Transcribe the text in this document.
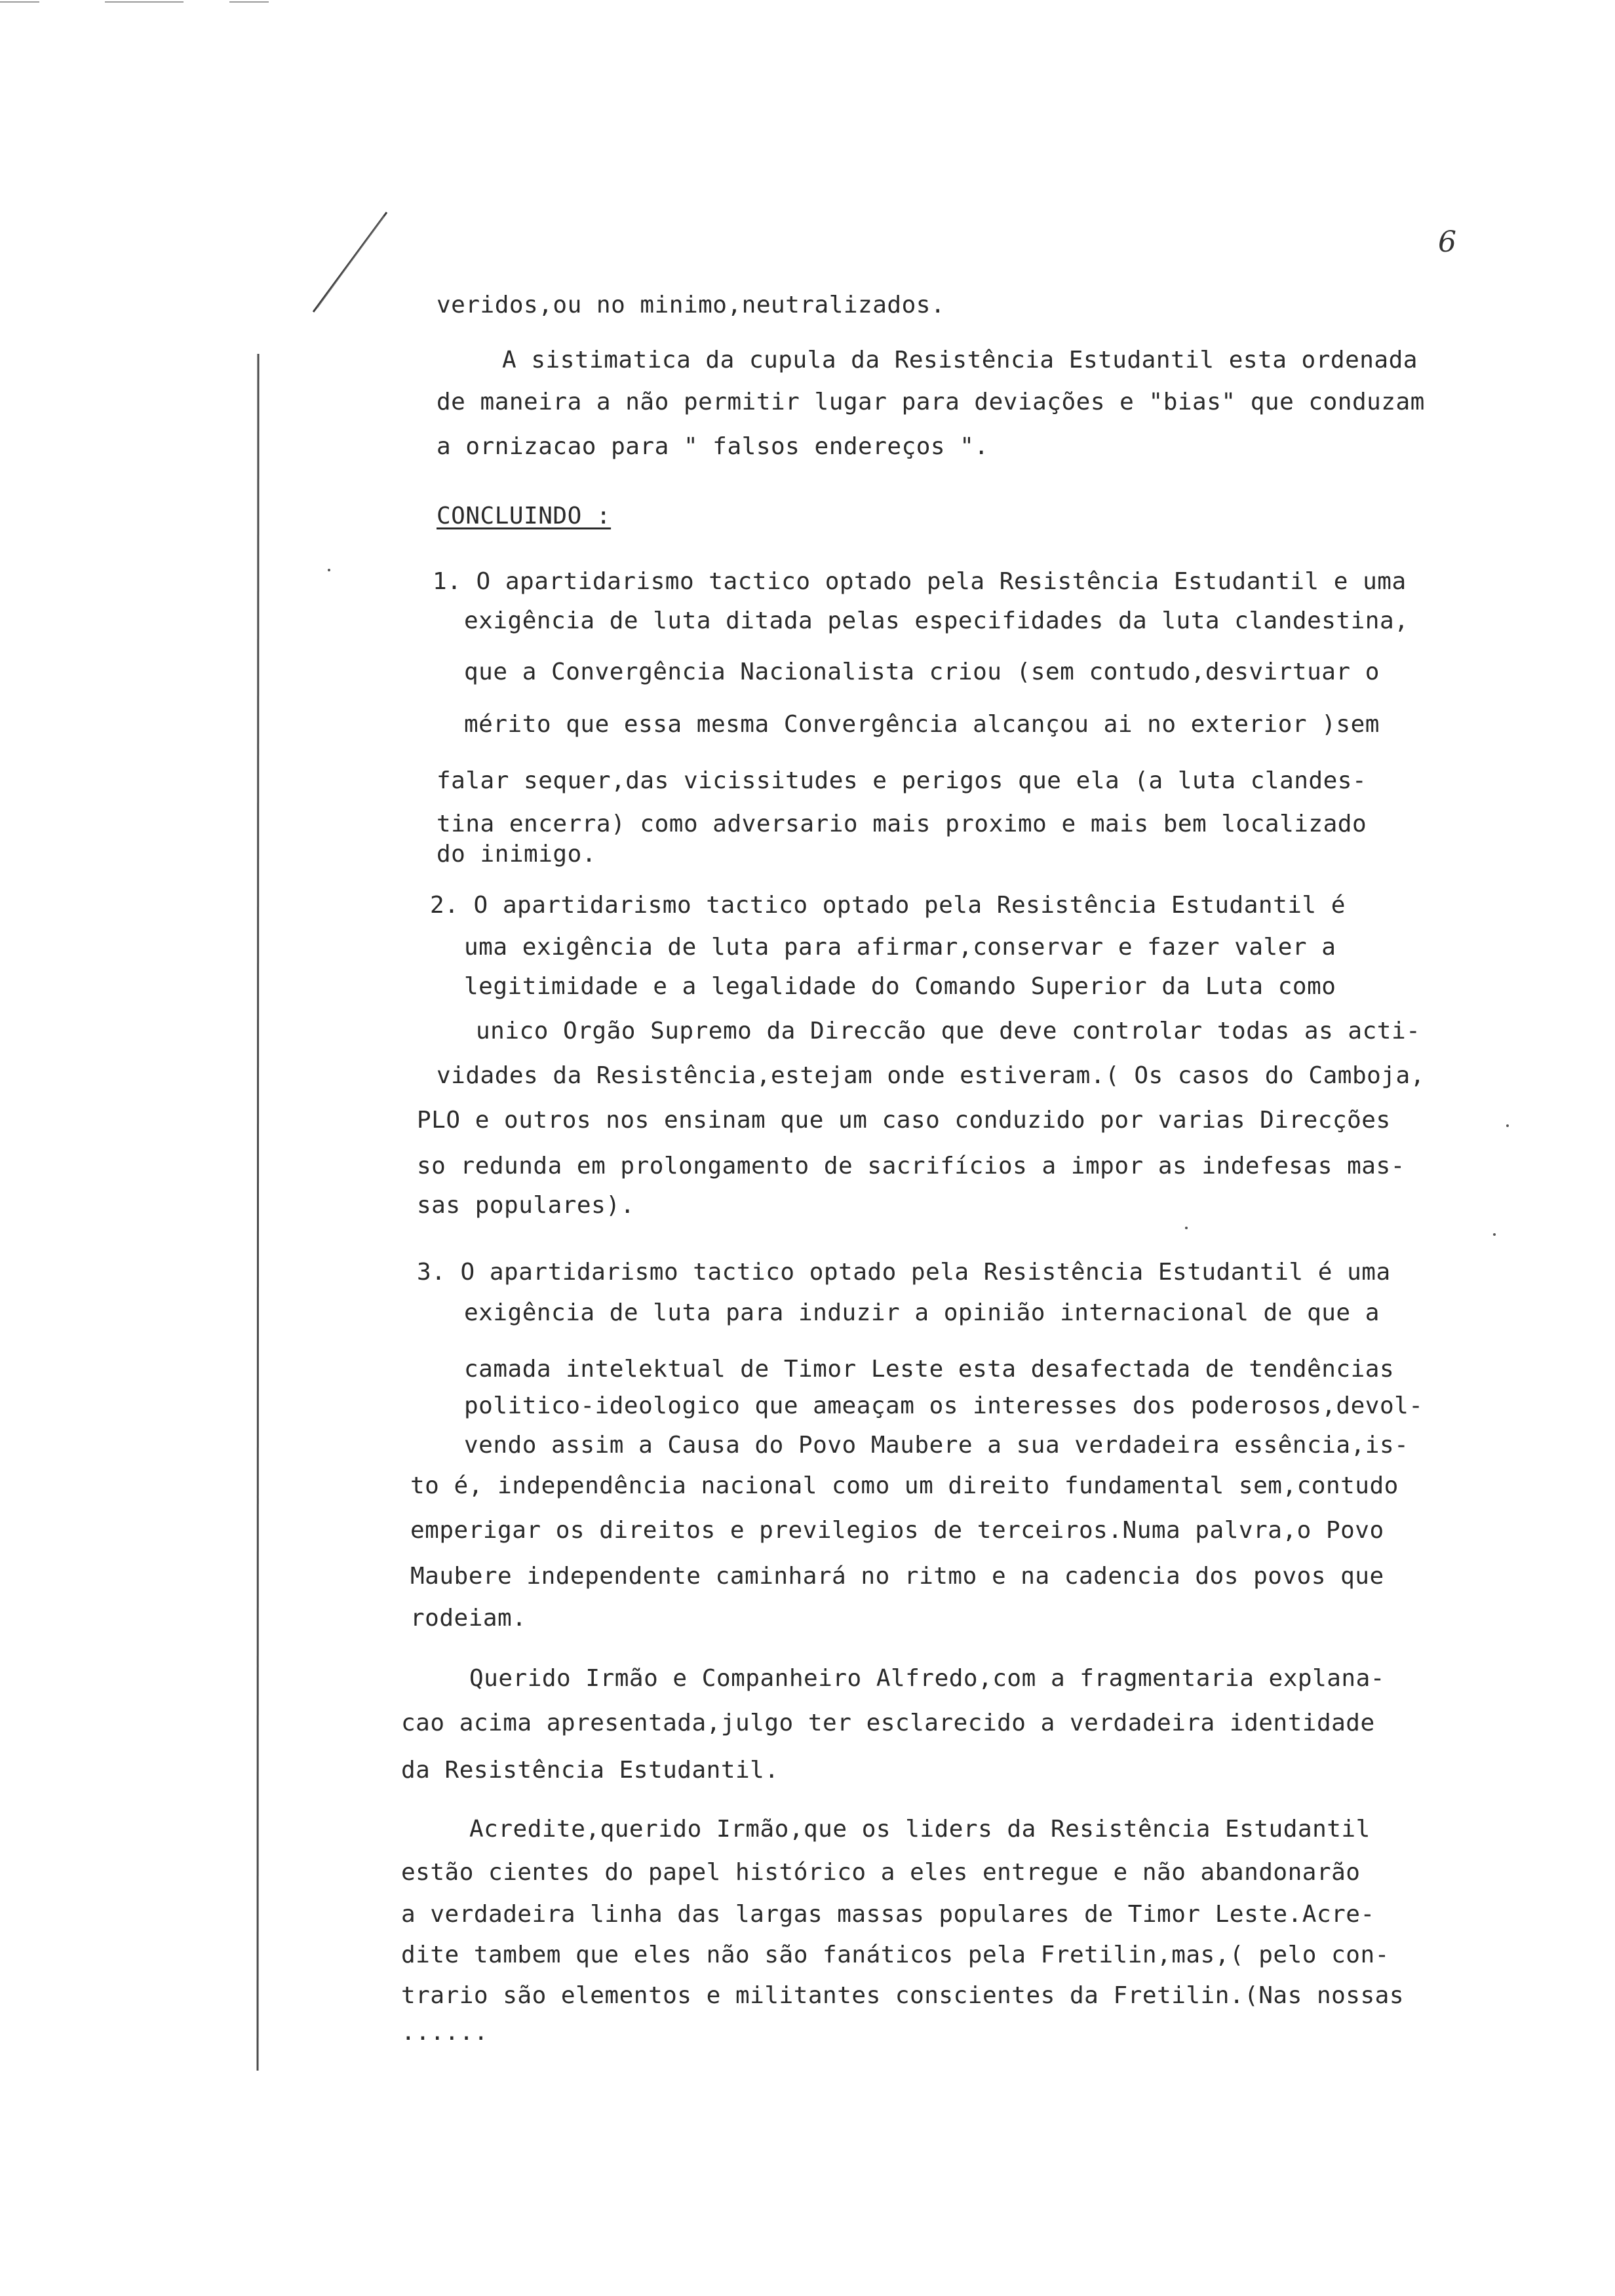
6
veridos,ou no minimo,neutralizados.
A sistimatica da cupula da Resistência Estudantil esta ordenada
de maneira a não permitir lugar para deviações e "bias" que conduzam
a ornizacao para " falsos endereços ".
CONCLUINDO :
1. O apartidarismo tactico optado pela Resistência Estudantil e uma
exigência de luta ditada pelas especifidades da luta clandestina,
que a Convergência Nacionalista criou (sem contudo,desvirtuar o
mérito que essa mesma Convergência alcançou ai no exterior )sem
falar sequer,das vicissitudes e perigos que ela (a luta clandes-
tina encerra) como adversario mais proximo e mais bem localizado
do inimigo.
2. O apartidarismo tactico optado pela Resistência Estudantil é
uma exigência de luta para afirmar,conservar e fazer valer a
legitimidade e a legalidade do Comando Superior da Luta como
unico Orgão Supremo da Direccão que deve controlar todas as acti-
vidades da Resistência,estejam onde estiveram.( Os casos do Camboja,
PLO e outros nos ensinam que um caso conduzido por varias Direcções
so redunda em prolongamento de sacrifícios a impor as indefesas mas-
sas populares).
3. O apartidarismo tactico optado pela Resistência Estudantil é uma
exigência de luta para induzir a opinião internacional de que a
camada intelektual de Timor Leste esta desafectada de tendências
politico-ideologico que ameaçam os interesses dos poderosos,devol-
vendo assim a Causa do Povo Maubere a sua verdadeira essência,is-
to é, independência nacional como um direito fundamental sem,contudo
emperigar os direitos e previlegios de terceiros.Numa palvra,o Povo
Maubere independente caminhará no ritmo e na cadencia dos povos que
rodeiam.
Querido Irmão e Companheiro Alfredo,com a fragmentaria explana-
cao acima apresentada,julgo ter esclarecido a verdadeira identidade
da Resistência Estudantil.
Acredite,querido Irmão,que os liders da Resistência Estudantil
estão cientes do papel histórico a eles entregue e não abandonarão
a verdadeira linha das largas massas populares de Timor Leste.Acre-
dite tambem que eles não são fanáticos pela Fretilin,mas,( pelo con-
trario são elementos e militantes conscientes da Fretilin.(Nas nossas
......
